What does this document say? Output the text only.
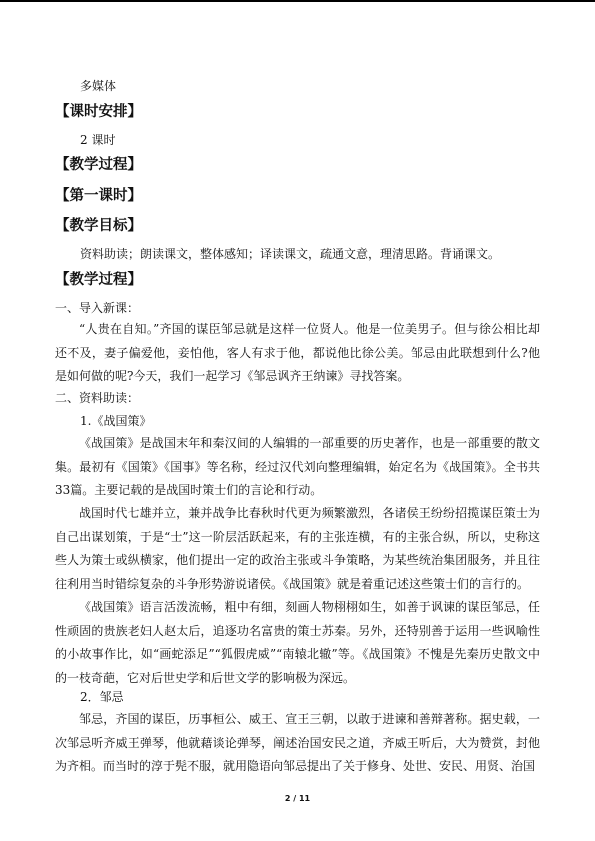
多媒体
【课时安排】
2 课时
【教学过程】
【第一课时】
【教学目标】
资料助读；朗读课文，整体感知；译读课文，疏通文意，理清思路。背诵课文。
【教学过程】
一、导入新课：
“人贵在自知。”齐国的谋臣邹忌就是这样一位贤人。他是一位美男子。但与徐公相比却还不及，妻子偏爱他，妾怕他，客人有求于他，都说他比徐公美。邹忌由此联想到什么?他是如何做的呢?今天，我们一起学习《邹忌讽齐王纳谏》寻找答案。
二、资料助读：
1.《战国策》
《战国策》是战国末年和秦汉间的人编辑的一部重要的历史著作，也是一部重要的散文集。最初有《国策》《国事》等名称，经过汉代刘向整理编辑，始定名为《战国策》。全书共33篇。主要记载的是战国时策士们的言论和行动。
战国时代七雄并立，兼并战争比春秋时代更为频繁激烈，各诸侯王纷纷招揽谋臣策士为自己出谋划策，于是“士”这一阶层活跃起来，有的主张连横，有的主张合纵，所以，史称这些人为策士或纵横家，他们提出一定的政治主张或斗争策略，为某些统治集团服务，并且往往利用当时错综复杂的斗争形势游说诸侯。《战国策》就是着重记述这些策士们的言行的。
《战国策》语言活泼流畅，粗中有细，刻画人物栩栩如生，如善于讽谏的谋臣邹忌，任性顽固的贵族老妇人赵太后，追逐功名富贵的策士苏秦。另外，还特别善于运用一些讽喻性的小故事作比，如“画蛇添足”“狐假虎威”“南辕北辙”等。《战国策》不愧是先秦历史散文中的一枝奇葩，它对后世史学和后世文学的影响极为深远。
2．邹忌
邹忌，齐国的谋臣，历事桓公、威王、宣王三朝，以敢于进谏和善辩著称。据史载，一次邹忌听齐威王弹琴，他就藉谈论弹琴，阐述治国安民之道，齐威王听后，大为赞赏，封他为齐相。而当时的淳于髡不服，就用隐语向邹忌提出了关于修身、处世、安民、用贤、治国
2 / 11
